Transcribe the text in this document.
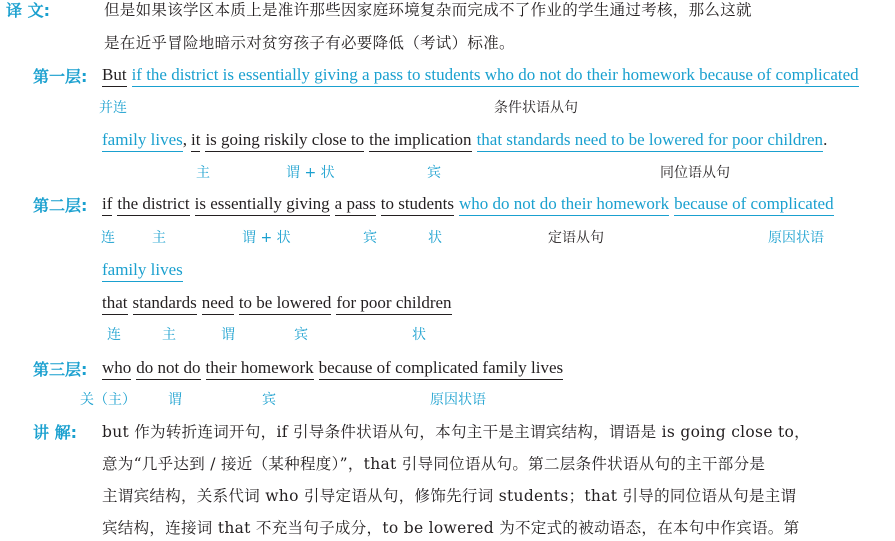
译 文:	但是如果该学区本质上是准许那些因家庭环境复杂而完成不了作业的学生通过考核，那么这就
是在近乎冒险地暗示对贫穷孩子有必要降低（考试）标准。
第一层: But if the district is essentially giving a pass to students who do not do their homework because of complicated
并连	条件状语从句
family lives, it is going riskily close to the implication that standards need to be lowered for poor children.
主	谓 + 状	宾	同位语从句
第二层: if the district is essentially giving a pass to students who do not do their homework because of complicated
连	主	谓 + 状	宾	状	定语从句	原因状语
family lives
that standards need to be lowered for poor children
连	主	谓	宾	状
第三层: who do not do their homework because of complicated family lives
关（主） 谓	宾	原因状语
讲 解: but 作为转折连词开句，if 引导条件状语从句，本句主干是主谓宾结构，谓语是 is going close to，
意为“几乎达到 / 接近（某种程度）”，that 引导同位语从句。第二层条件状语从句的主干部分是
主谓宾结构，关系代词 who 引导定语从句，修饰先行词 students；that 引导的同位语从句是主谓
宾结构，连接词 that 不充当句子成分，to be lowered 为不定式的被动语态，在本句中作宾语。第
